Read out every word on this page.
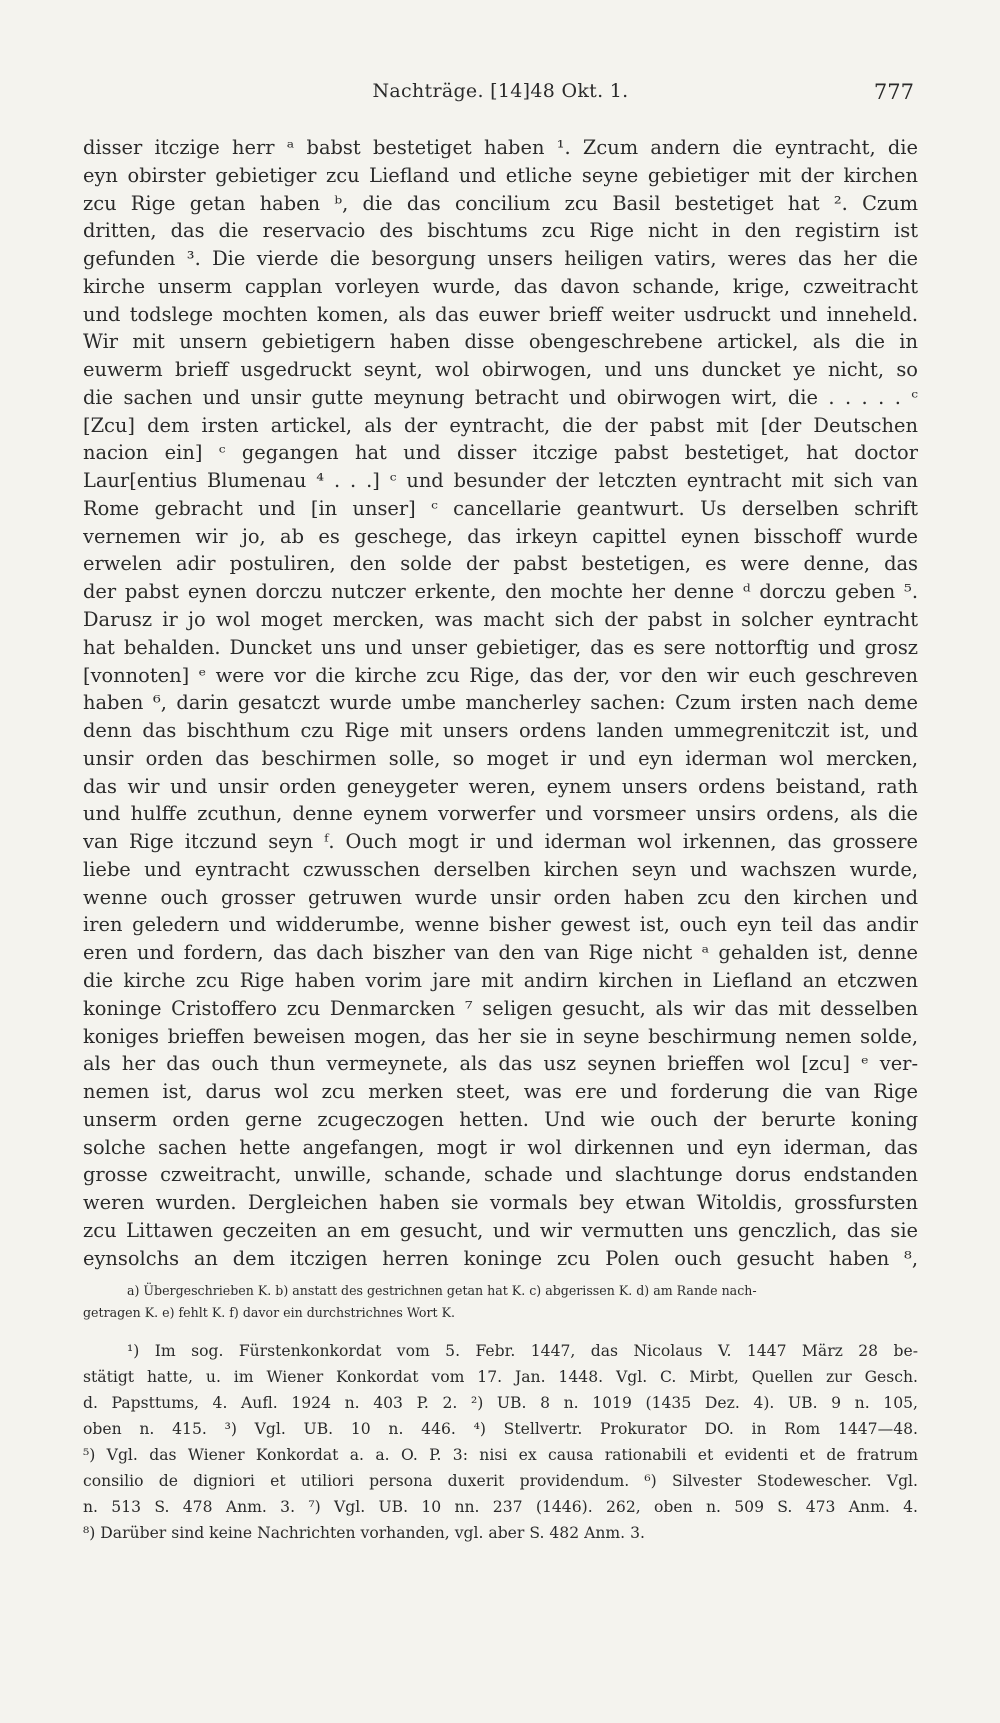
Nachträge. [14]48 Okt. 1.	777
disser itczige herr ᵃ babst bestetiget haben ¹. Zcum andern die eyntracht, die
eyn obirster gebietiger zcu Liefland und etliche seyne gebietiger mit der kirchen
zcu Rige getan haben ᵇ, die das concilium zcu Basil bestetiget hat ². Czum
dritten, das die reservacio des bischtums zcu Rige nicht in den registirn ist
gefunden ³. Die vierde die besorgung unsers heiligen vatirs, weres das her die
kirche unserm capplan vorleyen wurde, das davon schande, krige, czweitracht
und todslege mochten komen, als das euwer brieff weiter usdruckt und inneheld.
Wir mit unsern gebietigern haben disse obengeschrebene artickel, als die in
euwerm brieff usgedruckt seynt, wol obirwogen, und uns duncket ye nicht, so
die sachen und unsir gutte meynung betracht und obirwogen wirt, die . . . . . ᶜ
[Zcu] dem irsten artickel, als der eyntracht, die der pabst mit [der Deutschen
nacion ein] ᶜ gegangen hat und disser itczige pabst bestetiget, hat doctor
Laur[entius Blumenau ⁴ . . .] ᶜ und besunder der letczten eyntracht mit sich van
Rome gebracht und [in unser] ᶜ cancellarie geantwurt. Us derselben schrift
vernemen wir jo, ab es geschege, das irkeyn capittel eynen bisschoff wurde
erwelen adir postuliren, den solde der pabst bestetigen, es were denne, das
der pabst eynen dorczu nutczer erkente, den mochte her denne ᵈ dorczu geben ⁵.
Darusz ir jo wol moget mercken, was macht sich der pabst in solcher eyntracht
hat behalden. Duncket uns und unser gebietiger, das es sere nottorftig und grosz
[vonnoten] ᵉ were vor die kirche zcu Rige, das der, vor den wir euch geschreven
haben ⁶, darin gesatczt wurde umbe mancherley sachen: Czum irsten nach deme
denn das bischthum czu Rige mit unsers ordens landen ummegrenitczit ist, und
unsir orden das beschirmen solle, so moget ir und eyn iderman wol mercken,
das wir und unsir orden geneygeter weren, eynem unsers ordens beistand, rath
und hulffe zcuthun, denne eynem vorwerfer und vorsmeer unsirs ordens, als die
van Rige itczund seyn ᶠ. Ouch mogt ir und iderman wol irkennen, das grossere
liebe und eyntracht czwusschen derselben kirchen seyn und wachszen wurde,
wenne ouch grosser getruwen wurde unsir orden haben zcu den kirchen und
iren geledern und widderumbe, wenne bisher gewest ist, ouch eyn teil das andir
eren und fordern, das dach biszher van den van Rige nicht ᵃ gehalden ist, denne
die kirche zcu Rige haben vorim jare mit andirn kirchen in Liefland an etczwen
koninge Cristoffero zcu Denmarcken ⁷ seligen gesucht, als wir das mit desselben
koniges brieffen beweisen mogen, das her sie in seyne beschirmung nemen solde,
als her das ouch thun vermeynete, als das usz seynen brieffen wol [zcu] ᵉ ver-
nemen ist, darus wol zcu merken steet, was ere und forderung die van Rige
unserm orden gerne zcugeczogen hetten. Und wie ouch der berurte koning
solche sachen hette angefangen, mogt ir wol dirkennen und eyn iderman, das
grosse czweitracht, unwille, schande, schade und slachtunge dorus endstanden
weren wurden. Dergleichen haben sie vormals bey etwan Witoldis, grossfursten
zcu Littawen geczeiten an em gesucht, und wir vermutten uns genczlich, das sie
eynsolchs an dem itczigen herren koninge zcu Polen ouch gesucht haben ⁸,
a) Übergeschrieben K. b) anstatt des gestrichnen getan hat K. c) abgerissen K. d) am Rande nach-
getragen K. e) fehlt K. f) davor ein durchstrichnes Wort K.
¹) Im sog. Fürstenkonkordat vom 5. Febr. 1447, das Nicolaus V. 1447 März 28 be-
stätigt hatte, u. im Wiener Konkordat vom 17. Jan. 1448. Vgl. C. Mirbt, Quellen zur Gesch.
d. Papsttums, 4. Aufl. 1924 n. 403 P. 2. ²) UB. 8 n. 1019 (1435 Dez. 4). UB. 9 n. 105,
oben n. 415. ³) Vgl. UB. 10 n. 446. ⁴) Stellvertr. Prokurator DO. in Rom 1447—48.
⁵) Vgl. das Wiener Konkordat a. a. O. P. 3: nisi ex causa rationabili et evidenti et de fratrum
consilio de digniori et utiliori persona duxerit providendum. ⁶) Silvester Stodewescher. Vgl.
n. 513 S. 478 Anm. 3. ⁷) Vgl. UB. 10 nn. 237 (1446). 262, oben n. 509 S. 473 Anm. 4.
⁸) Darüber sind keine Nachrichten vorhanden, vgl. aber S. 482 Anm. 3.
